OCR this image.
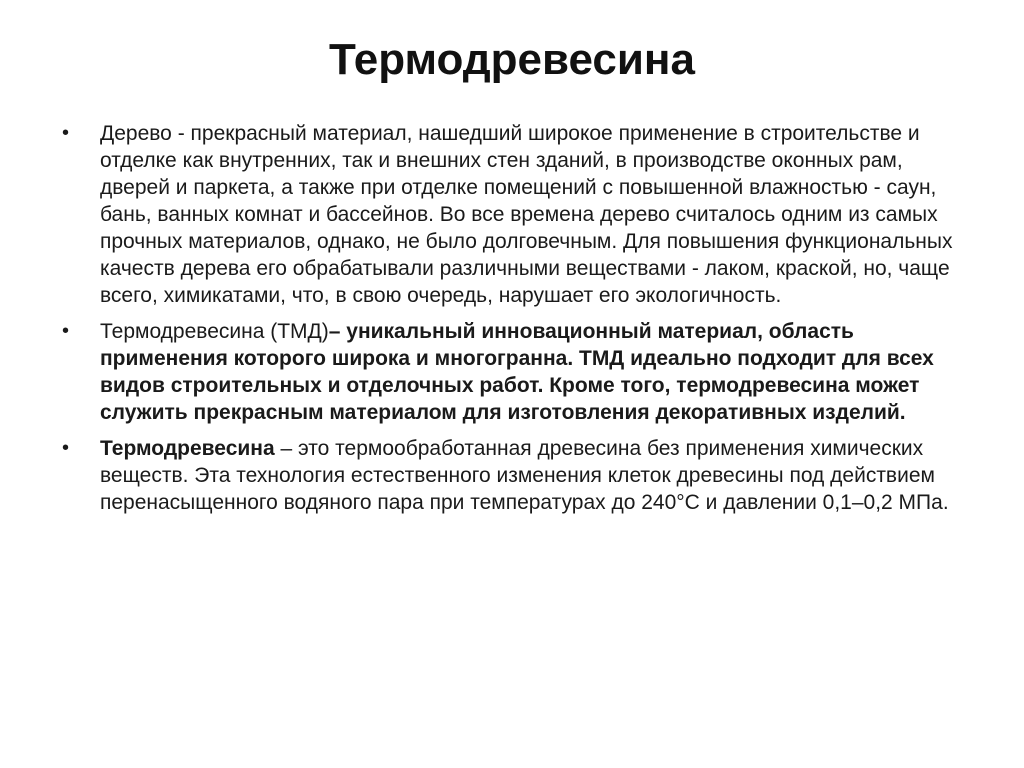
Термодревесина
• Дерево - прекрасный материал, нашедший широкое применение в строительстве и отделке как внутренних, так и внешних стен зданий, в производстве оконных рам, дверей и паркета, а также при отделке помещений с повышенной влажностью - саун, бань, ванных комнат и бассейнов. Во все времена дерево считалось одним из самых прочных материалов, однако, не было долговечным. Для повышения функциональных качеств дерева его обрабатывали различными веществами - лаком, краской, но, чаще всего, химикатами, что, в свою очередь, нарушает его экологичность.
• Термодревесина (ТМД)– уникальный инновационный материал, область применения которого широка и многогранна. ТМД идеально подходит для всех видов строительных и отделочных работ. Кроме того, термодревесина может служить прекрасным материалом для изготовления декоративных изделий.
• Термодревесина – это термообработанная древесина без применения химических веществ. Эта технология естественного изменения клеток древесины под действием перенасыщенного водяного пара при температурах до 240°С и давлении 0,1–0,2 МПа.
